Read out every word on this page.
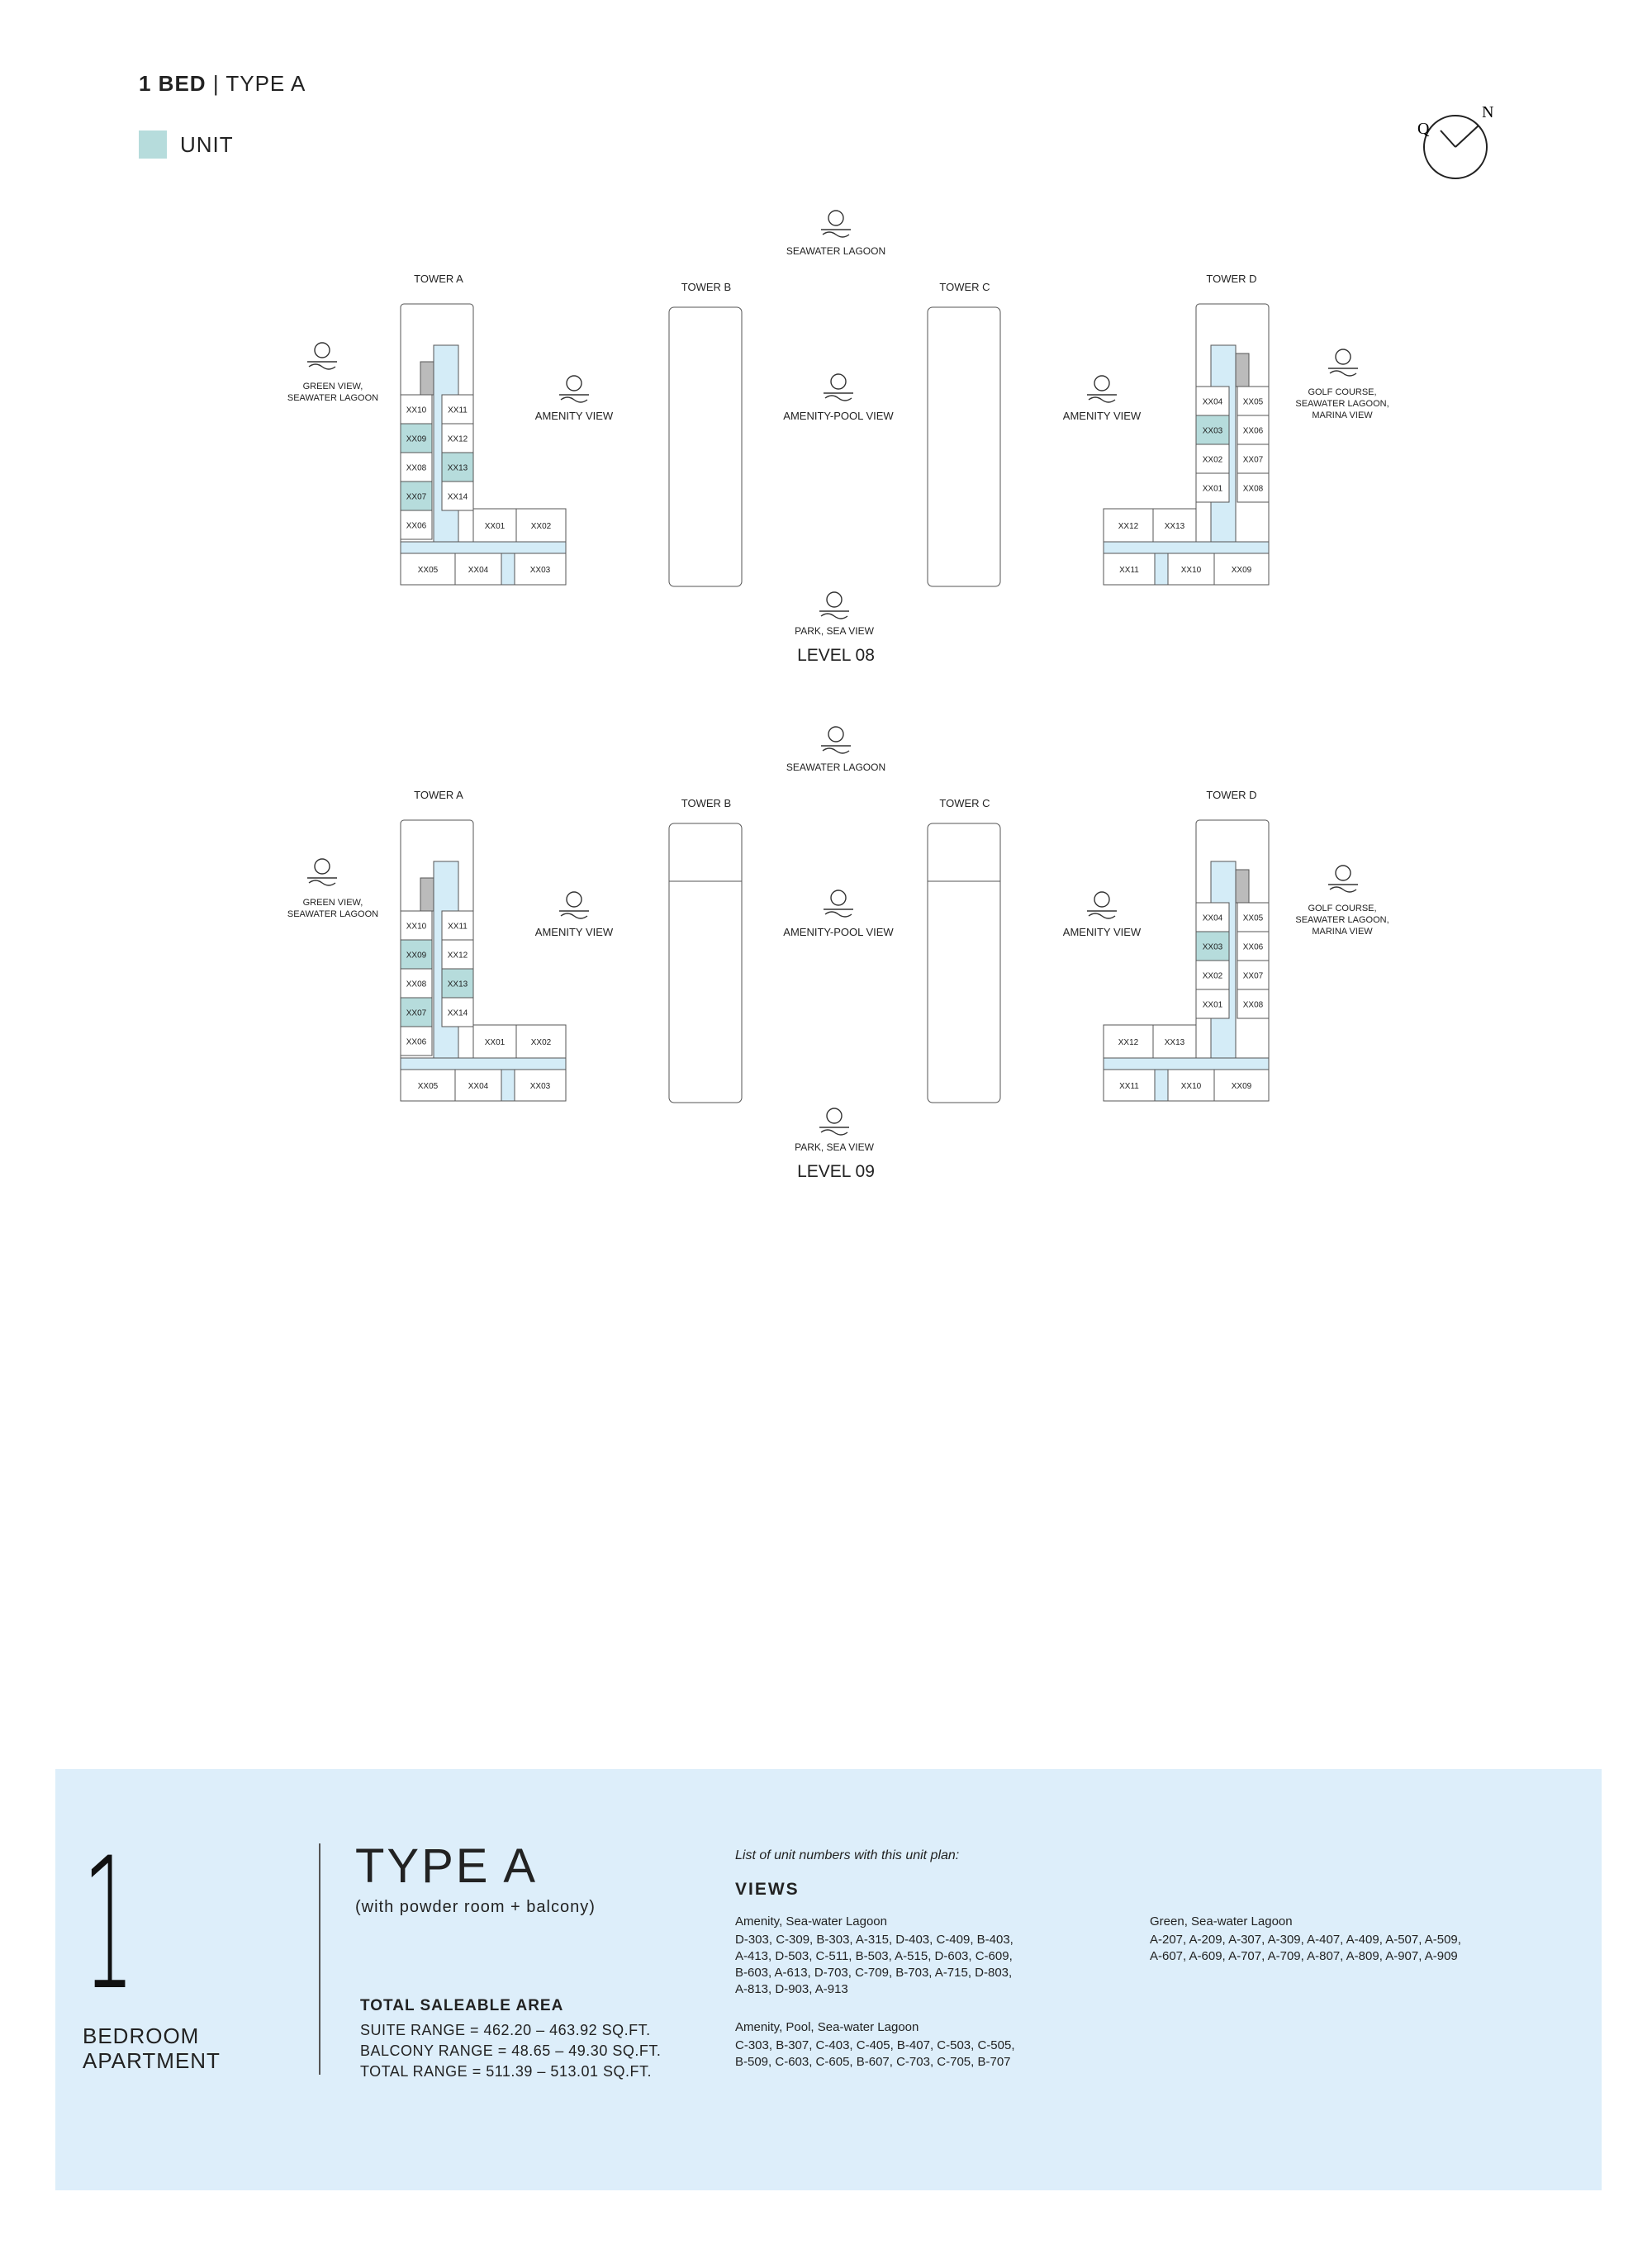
1 BED | TYPE A
UNIT
N
Q
SEAWATER LAGOON
TOWER A
TOWER B	TOWER C
TOWER D
XX10
XX09
XX08
XX07
XX06
XX11
XX12
XX13
XX14
XX01	XX02
XX05	XX04	XX03
XX04
XX03
XX02
XX01
XX05
XX06
XX07
XX08
XX12	XX13
XX11	XX10	XX09
GREEN VIEW,
SEAWATER LAGOON
AMENITY VIEW	AMENITY-POOL VIEW	AMENITY VIEW
GOLF COURSE,
SEAWATER LAGOON,
MARINA VIEW
PARK, SEA VIEW
LEVEL 08
SEAWATER LAGOON
TOWER A
TOWER B	TOWER C
TOWER D
XX10
XX09
XX08
XX07
XX06
XX11
XX12
XX13
XX14
XX01	XX02
XX05	XX04	XX03
XX04
XX03
XX02
XX01
XX05
XX06
XX07
XX08
XX12	XX13
XX11	XX10	XX09
GREEN VIEW,
SEAWATER LAGOON
AMENITY VIEW	AMENITY-POOL VIEW	AMENITY VIEW
GOLF COURSE,
SEAWATER LAGOON,
MARINA VIEW
PARK, SEA VIEW
LEVEL 09
1
BEDROOM
APARTMENT
TYPE A
(with powder room + balcony)
TOTAL SALEABLE AREA
SUITE RANGE = 462.20 – 463.92 SQ.FT.
BALCONY RANGE = 48.65 – 49.30 SQ.FT.
TOTAL RANGE = 511.39 – 513.01 SQ.FT.
List of unit numbers with this unit plan:
VIEWS
Amenity, Sea-water Lagoon
D-303, C-309, B-303, A-315, D-403, C-409, B-403,
A-413, D-503, C-511, B-503, A-515, D-603, C-609,
B-603, A-613, D-703, C-709, B-703, A-715, D-803,
A-813, D-903, A-913
Amenity, Pool, Sea-water Lagoon
C-303, B-307, C-403, C-405, B-407, C-503, C-505,
B-509, C-603, C-605, B-607, C-703, C-705, B-707
Green, Sea-water Lagoon
A-207, A-209, A-307, A-309, A-407, A-409, A-507, A-509,
A-607, A-609, A-707, A-709, A-807, A-809, A-907, A-909
